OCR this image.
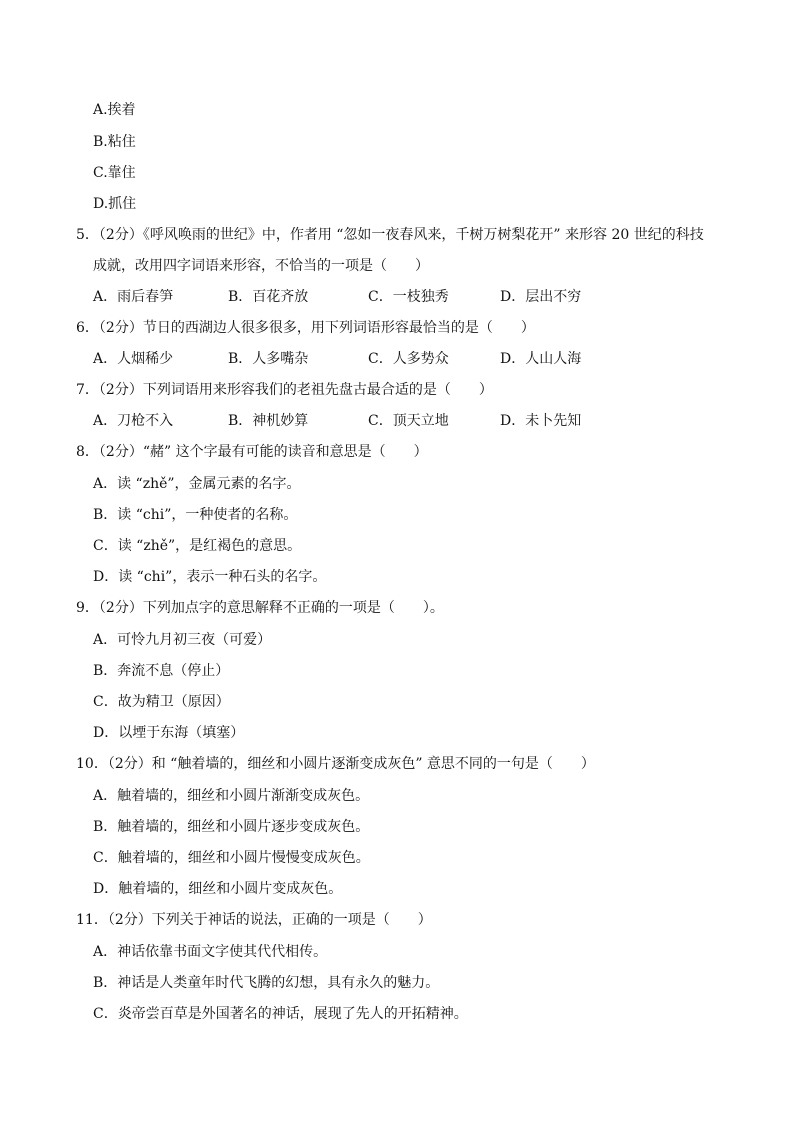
A.挨着
B.粘住
C.靠住
D.抓住
5．（2分）《呼风唤雨的世纪》中，作者用 “忽如一夜春风来，千树万树梨花开” 来形容 20 世纪的科技
成就，改用四字词语来形容，不恰当的一项是（　　）
A．雨后春笋	B．百花齐放	C．一枝独秀	D．层出不穷
6．（2分）节日的西湖边人很多很多，用下列词语形容最恰当的是（　　）
A．人烟稀少	B．人多嘴杂	C．人多势众	D．人山人海
7．（2分）下列词语用来形容我们的老祖先盘古最合适的是（　　）
A．刀枪不入	B．神机妙算	C．顶天立地	D．未卜先知
8．（2分）“赭” 这个字最有可能的读音和意思是（　　）
A．读 “zhě”，金属元素的名字。
B．读 “chi”，一种使者的名称。
C．读 “zhě”，是红褐色的意思。
D．读 “chi”，表示一种石头的名字。
9．（2分）下列加点字的意思解释不正确的一项是（　　）。
A．可怜九月初三夜（可爱）
B．奔流不息（停止）
C．故为精卫（原因）
D．以堙于东海（填塞）
10．（2分）和 “触着墙的，细丝和小圆片逐渐变成灰色” 意思不同的一句是（　　）
A．触着墙的，细丝和小圆片渐渐变成灰色。
B．触着墙的，细丝和小圆片逐步变成灰色。
C．触着墙的，细丝和小圆片慢慢变成灰色。
D．触着墙的，细丝和小圆片变成灰色。
11．（2分）下列关于神话的说法，正确的一项是（　　）
A．神话依靠书面文字使其代代相传。
B．神话是人类童年时代飞腾的幻想，具有永久的魅力。
C．炎帝尝百草是外国著名的神话，展现了先人的开拓精神。
